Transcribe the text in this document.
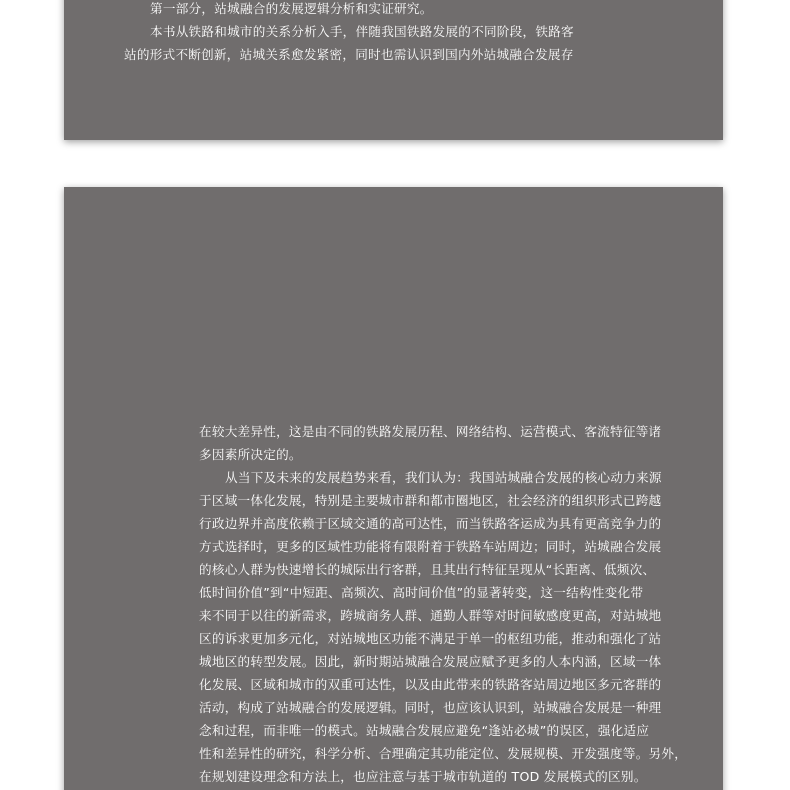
第一部分，站城融合的发展逻辑分析和实证研究。
本书从铁路和城市的关系分析入手，伴随我国铁路发展的不同阶段，铁路客
站的形式不断创新，站城关系愈发紧密，同时也需认识到国内外站城融合发展存
在较大差异性，这是由不同的铁路发展历程、网络结构、运营模式、客流特征等诸
多因素所决定的。
从当下及未来的发展趋势来看，我们认为：我国站城融合发展的核心动力来源
于区域一体化发展，特别是主要城市群和都市圈地区，社会经济的组织形式已跨越
行政边界并高度依赖于区域交通的高可达性，而当铁路客运成为具有更高竞争力的
方式选择时，更多的区域性功能将有限附着于铁路车站周边；同时，站城融合发展
的核心人群为快速增长的城际出行客群，且其出行特征呈现从“长距离、低频次、
低时间价值”到“中短距、高频次、高时间价值”的显著转变，这一结构性变化带
来不同于以往的新需求，跨城商务人群、通勤人群等对时间敏感度更高，对站城地
区的诉求更加多元化，对站城地区功能不满足于单一的枢纽功能，推动和强化了站
城地区的转型发展。因此，新时期站城融合发展应赋予更多的人本内涵，区域一体
化发展、区域和城市的双重可达性，以及由此带来的铁路客站周边地区多元客群的
活动，构成了站城融合的发展逻辑。同时，也应该认识到，站城融合发展是一种理
念和过程，而非唯一的模式。站城融合发展应避免“逢站必城”的误区，强化适应
性和差异性的研究，科学分析、合理确定其功能定位、发展规模、开发强度等。另外，
在规划建设理念和方法上，也应注意与基于城市轨道的 TOD 发展模式的区别。
